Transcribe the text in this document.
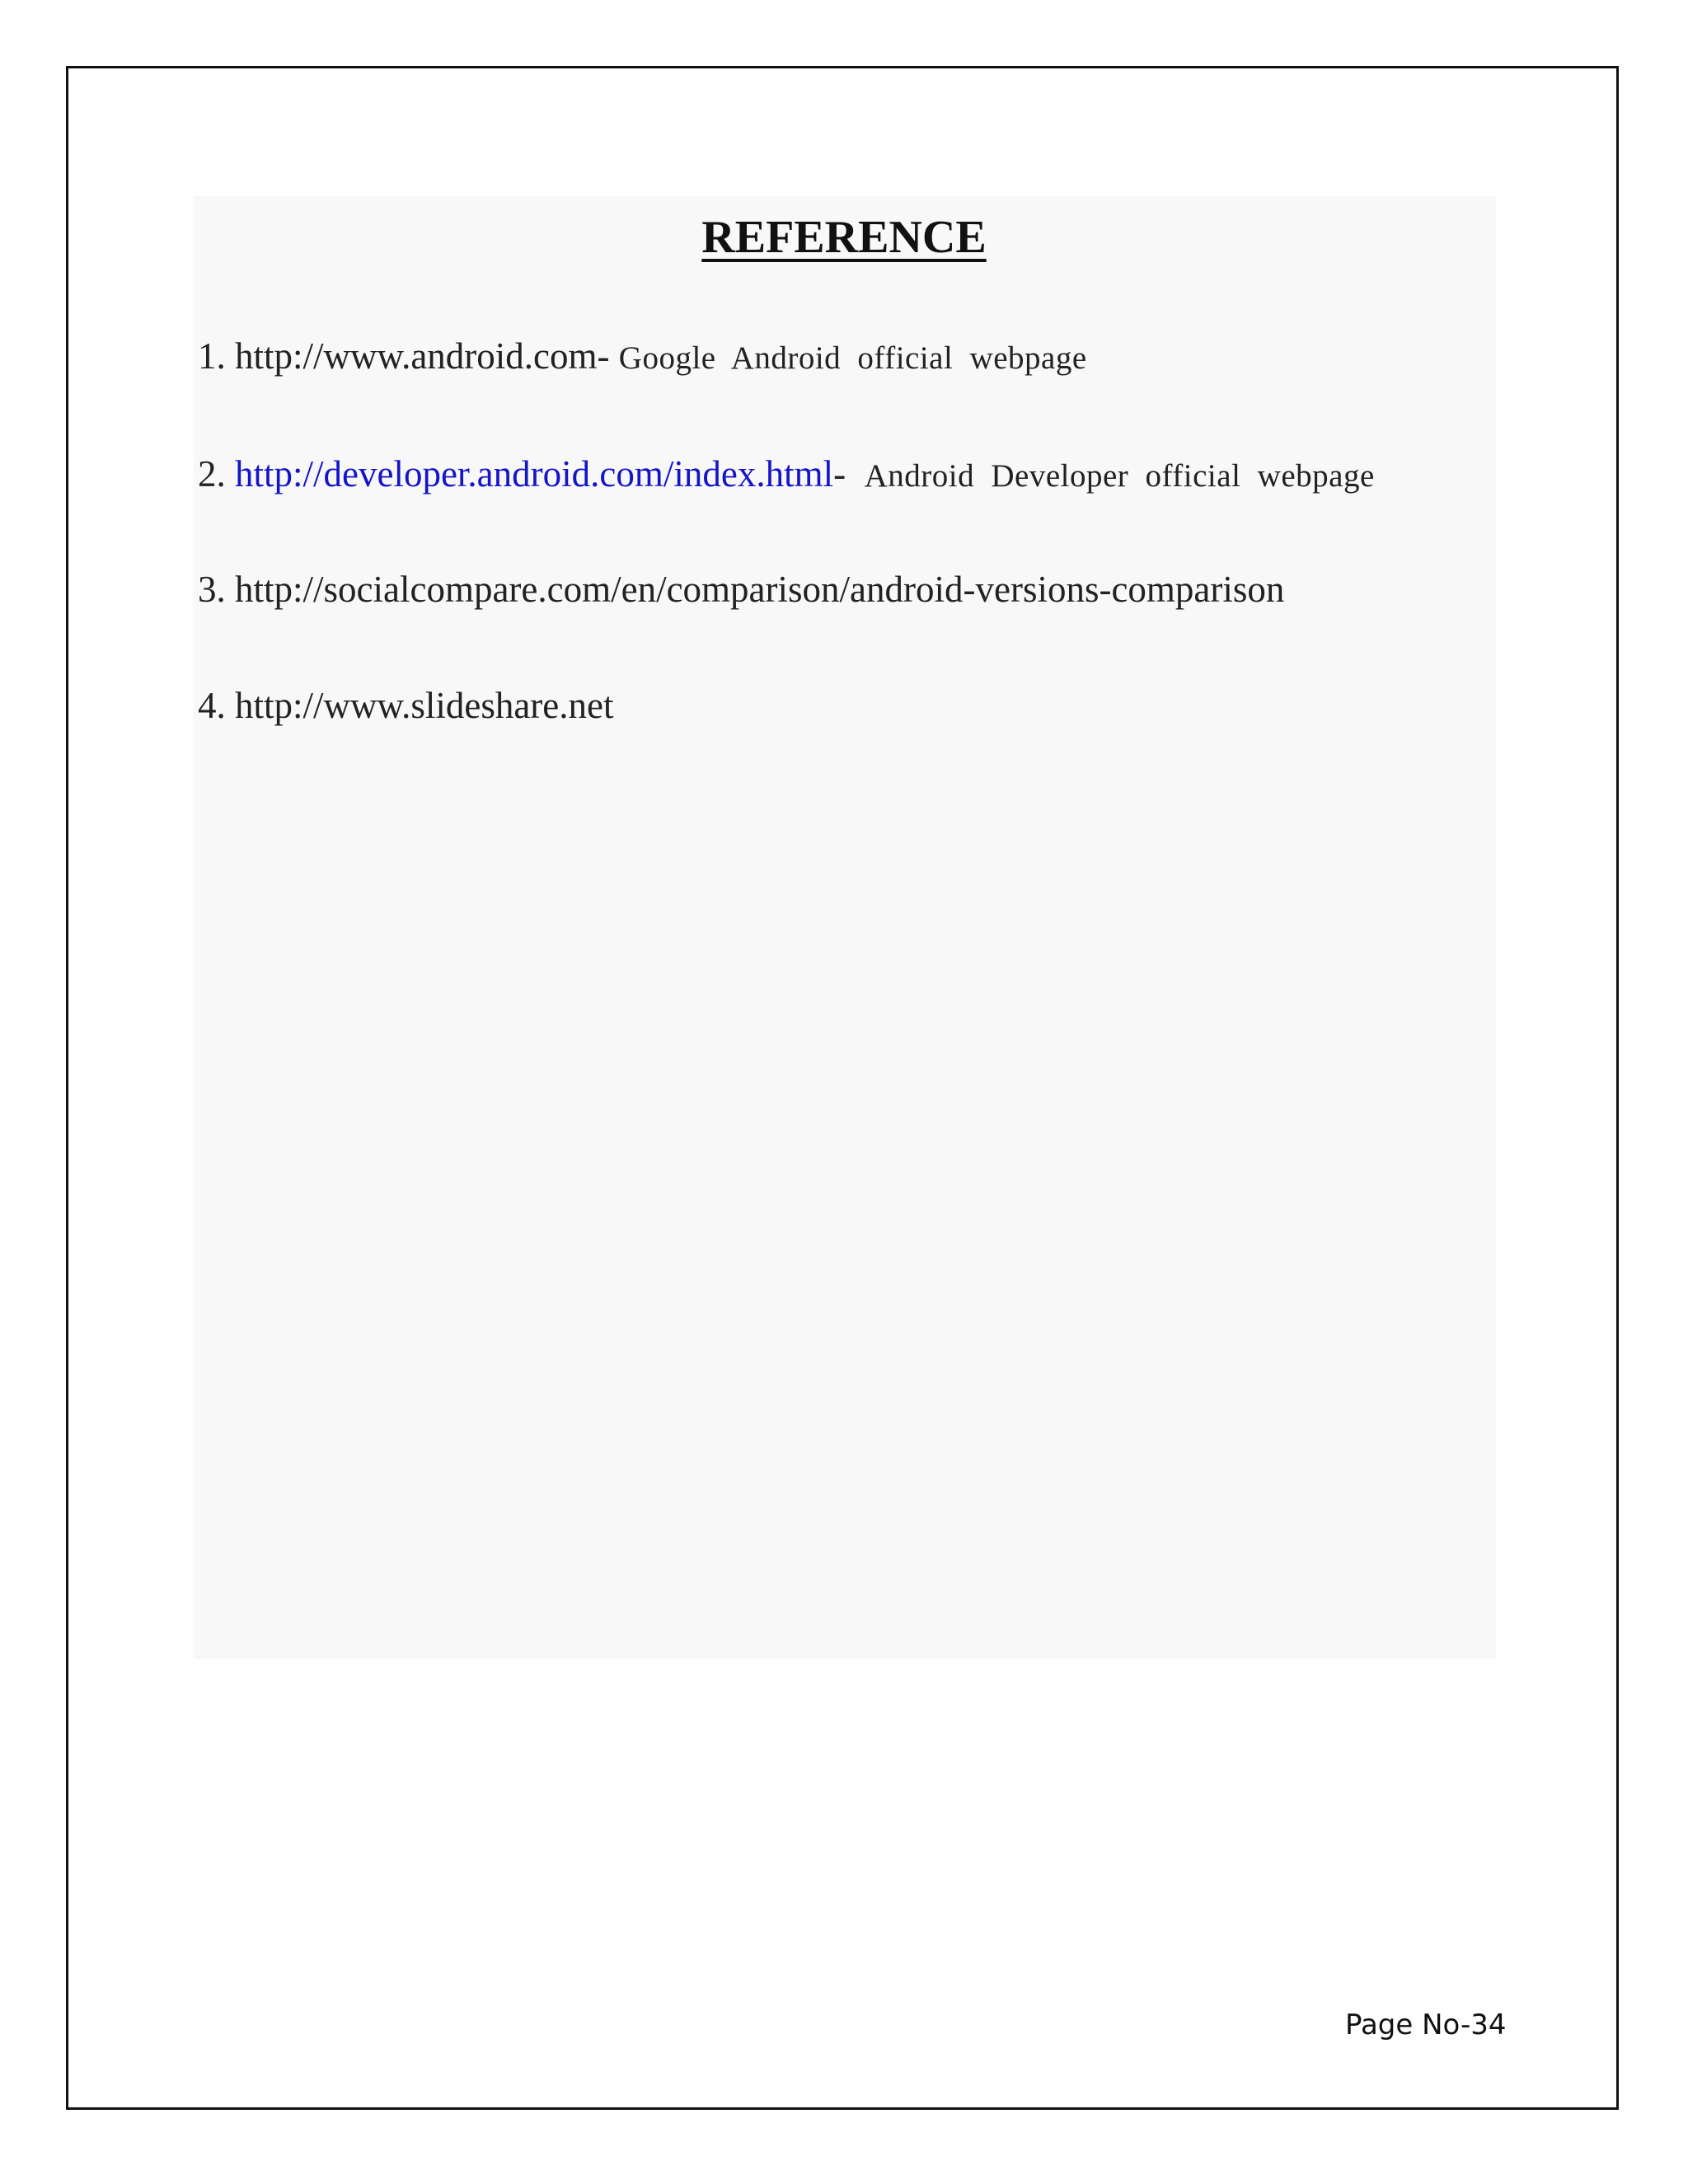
REFERENCE
1. http://www.android.com- Google Android official webpage
2. http://developer.android.com/index.html- Android Developer official webpage
3. http://socialcompare.com/en/comparison/android-versions-comparison
4. http://www.slideshare.net
Page No-34
